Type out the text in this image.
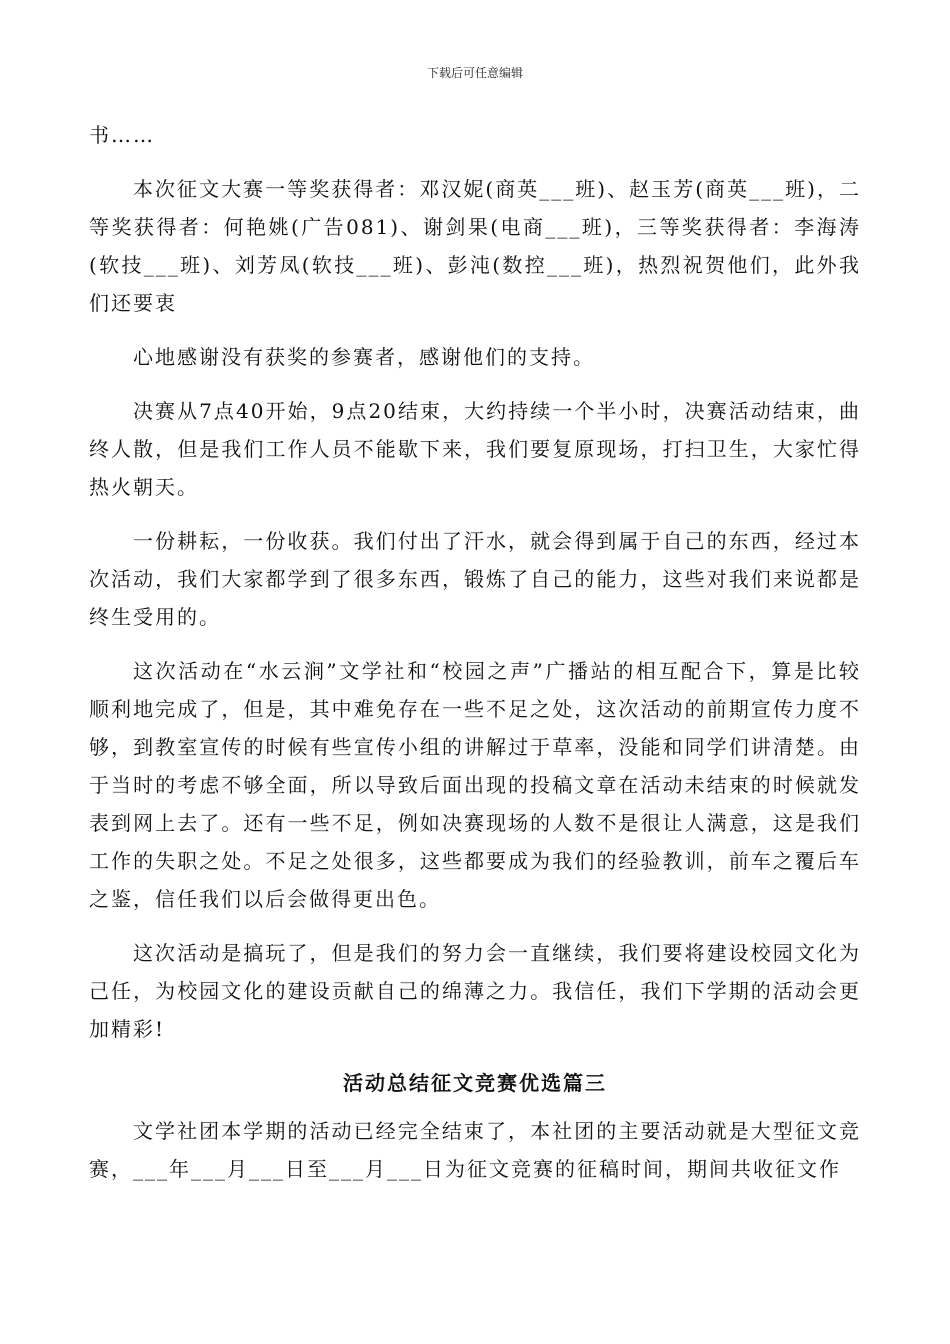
下载后可任意编辑

书……

本次征文大赛一等奖获得者：邓汉妮(商英___班)、赵玉芳(商英___班)，二等奖获得者：何艳姚(广告081)、谢剑果(电商___班)，三等奖获得者：李海涛(软技___班)、刘芳凤(软技___班)、彭沌(数控___班)，热烈祝贺他们，此外我们还要衷

心地感谢没有获奖的参赛者，感谢他们的支持。

决赛从7点40开始，9点20结束，大约持续一个半小时，决赛活动结束，曲终人散，但是我们工作人员不能歇下来，我们要复原现场，打扫卫生，大家忙得热火朝天。

一份耕耘，一份收获。我们付出了汗水，就会得到属于自己的东西，经过本次活动，我们大家都学到了很多东西，锻炼了自己的能力，这些对我们来说都是终生受用的。

这次活动在“水云涧”文学社和“校园之声”广播站的相互配合下，算是比较顺利地完成了，但是，其中难免存在一些不足之处，这次活动的前期宣传力度不够，到教室宣传的时候有些宣传小组的讲解过于草率，没能和同学们讲清楚。由于当时的考虑不够全面，所以导致后面出现的投稿文章在活动未结束的时候就发表到网上去了。还有一些不足，例如决赛现场的人数不是很让人满意，这是我们工作的失职之处。不足之处很多，这些都要成为我们的经验教训，前车之覆后车之鉴，信任我们以后会做得更出色。

这次活动是搞玩了，但是我们的努力会一直继续，我们要将建设校园文化为己任，为校园文化的建设贡献自己的绵薄之力。我信任，我们下学期的活动会更加精彩!

活动总结征文竞赛优选篇三

文学社团本学期的活动已经完全结束了，本社团的主要活动就是大型征文竞赛，___年___月___日至___月___日为征文竞赛的征稿时间，期间共收征文作
